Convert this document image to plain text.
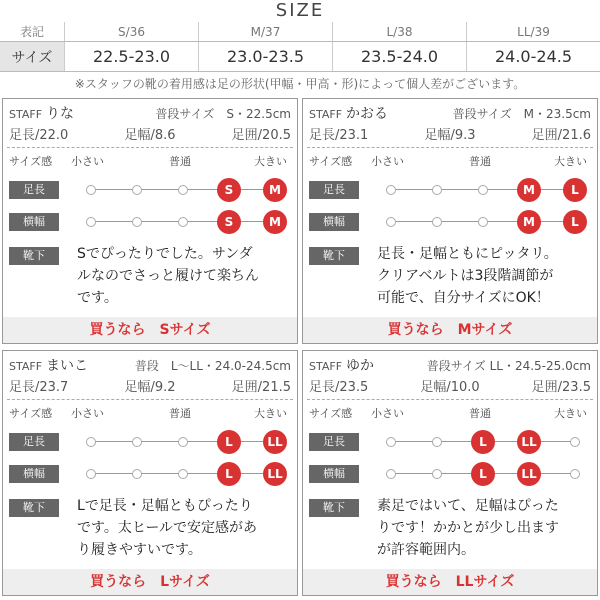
SIZE
表記	S/36	M/37	L/38	LL/39
サイズ	22.5-23.0	23.0-23.5	23.5-24.0	24.0-24.5
※スタッフの靴の着用感は足の形状(甲幅・甲高・形)によって個人差がございます。
STAFF りな	普段サイズ　S・22.5cm
足長/22.0	足幅/8.6	足囲/20.5
サイズ感 小さい	普通	大きい
足長	S	M
横幅	S	M
靴下	Sでぴったりでした。サンダ
ルなのでさっと履けて楽ちん
です。
買うなら　Sサイズ
STAFF かおる	普段サイズ　M・23.5cm
足長/23.1	足幅/9.3	足囲/21.6
サイズ感 小さい	普通	大きい
足長	M	L
横幅	M	L
靴下	足長・足幅ともにピッタリ。
クリアベルトは3段階調節が
可能で、自分サイズにOK！
買うなら　Mサイズ
STAFF まいこ	普段　L〜LL・24.0-24.5cm
足長/23.7	足幅/9.2	足囲/21.5
サイズ感 小さい	普通	大きい
足長	L	LL
横幅	L	LL
靴下	Lで足長・足幅ともぴったり
です。太ヒールで安定感があ
り履きやすいです。
買うなら　Lサイズ
STAFF ゆか	普段サイズ LL・24.5-25.0cm
足長/23.5	足幅/10.0	足囲/23.5
サイズ感 小さい	普通	大きい
足長	L	LL
横幅	L	LL
靴下	素足ではいて、足幅はぴった
りです！かかとが少し出ます
が許容範囲内。
買うなら　LLサイズ
